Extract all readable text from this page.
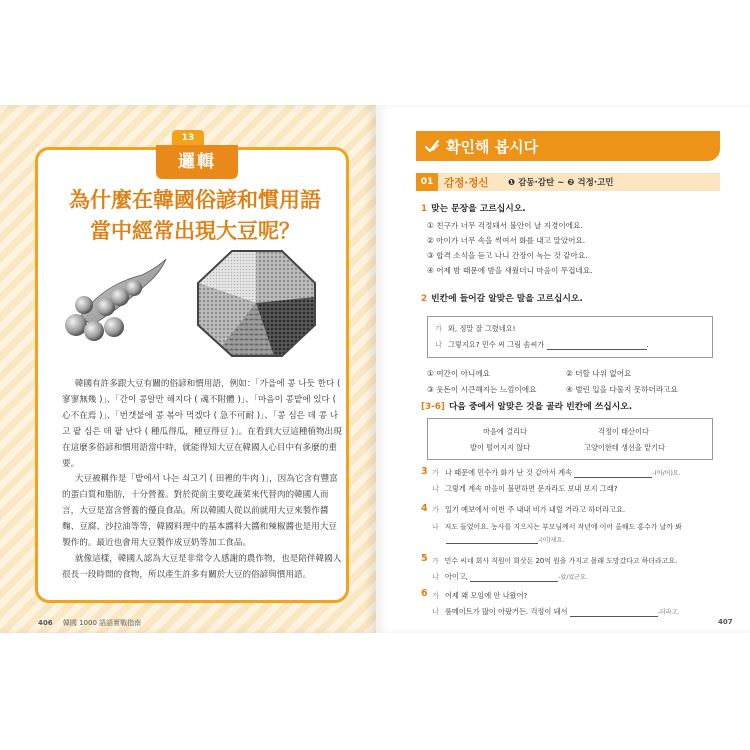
13
邏輯
為什麼在韓國俗諺和慣用語
當中經常出現大豆呢？

韓國有許多跟大豆有關的俗諺和慣用語，例如：「가을에 콩 나듯 한다 ( 寥寥無幾 )」、「간이 콩알만 해지다 ( 魂不附體 )」、「마음이 콩밭에 있다 ( 心不在焉 )」、「번갯불에 콩 볶아 먹겠다 ( 急不可耐 )」、「콩 심은 데 콩 나고 팥 심은 데 팥 난다 ( 種瓜得瓜，種豆得豆 )」。在看到大豆這種植物出現在這麼多俗諺和慣用語當中時，就能得知大豆在韓國人心目中有多麼的重要。

大豆被稱作是「밭에서 나는 쇠고기 ( 田裡的牛肉 )」，因為它含有豐富的蛋白質和脂肪，十分營養。對於從前主要吃蔬菜來代替肉的韓國人而言，大豆是富含營養的優良食品。所以韓國人從以前就用大豆來製作醬麴、豆腐、沙拉油等等，韓國料理中的基本醬料大醬和辣椒醬也是用大豆製作的。最近也會用大豆製作成豆奶等加工食品。

就像這樣，韓國人認為大豆是非常令人感謝的農作物，也是陪伴韓國人很長一段時間的食物，所以產生許多有關於大豆的俗諺與慣用語。

406 韓國 1000 語語實戰指南
확인해 봅시다
01	감정·정신 ❶ 감동·감탄 ~ ❷ 걱정·고민
1 맞는 문장을 고르십시오.
① 친구가 너무 걱정돼서 불안이 날 지경이에요.
② 아이가 너무 속을 썩여서 화를 내고 말았어요.
③ 합격 소식을 듣고 나니 간장이 녹는 것 같아요.
④ 어제 밤 때문에 밤을 새웠더니 마음이 무겁네요.
2 빈칸에 들어갈 알맞은 말을 고르십시오.
가 와, 정말 잘 그렸네요!
나 그렇지요? 민수 씨 그림 솜씨가	.
① 여간이 아니에요	② 더할 나위 없어요
③ 웃돈이 시큰해지는 느낌이에요	④ 벌린 입을 다물지 못하더라고요
[3-6] 다음 중에서 알맞은 것을 골라 빈칸에 쓰십시오.
마음에 걸리다	걱정이 태산이다
발이 떨어지지 않다	고양이한테 생선을 맡기다
3 가 나 때문에 민수가 화가 난 것 같아서 계속	-(아/어)요.
나 그렇게 계속 마음이 불편하면 문자라도 보내 보지 그래?
4 가 일기 예보에서 이번 주 내내 비가 내릴 거라고 하더라고요.
나 저도 들었어요. 농사를 지으시는 부모님께서 작년에 이어 올해도 홍수가 날까 봐
-(이)세요.
5 가 민수 씨네 회사 직원이 회삿돈 20억 원을 가지고 몰래 도망갔다고 하더라고요.
나 아이고,	-았/었군요.
6 가 어제 왜 모임에 안 나왔어?
나 룸메이트가 많이 아팠거든. 걱정이 돼서	-더라고.
407
